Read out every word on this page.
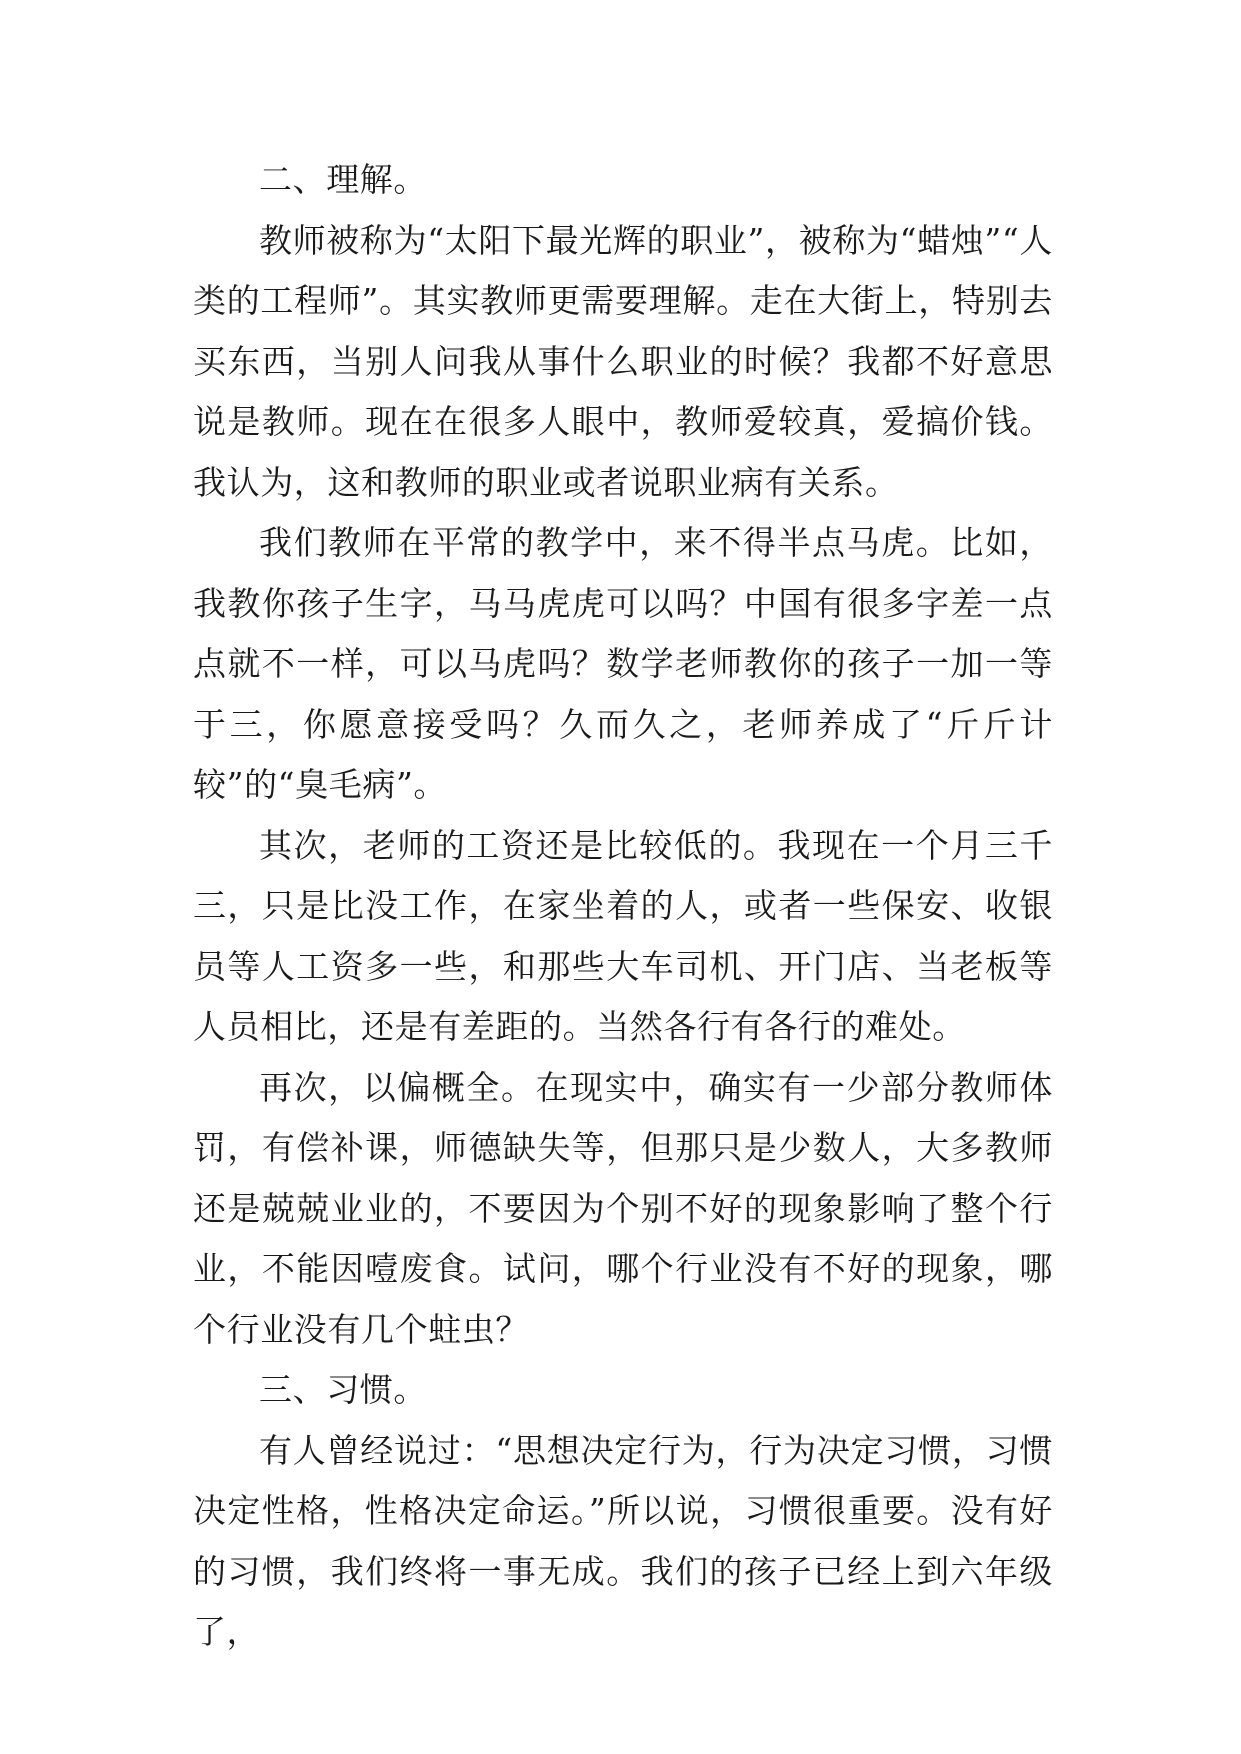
二、理解。

教师被称为“太阳下最光辉的职业”，被称为“蜡烛”“人类的工程师”。其实教师更需要理解。走在大街上，特别去买东西，当别人问我从事什么职业的时候？我都不好意思说是教师。现在在很多人眼中，教师爱较真，爱搞价钱。我认为，这和教师的职业或者说职业病有关系。

我们教师在平常的教学中，来不得半点马虎。比如，我教你孩子生字，马马虎虎可以吗？中国有很多字差一点点就不一样，可以马虎吗？数学老师教你的孩子一加一等于三，你愿意接受吗？久而久之，老师养成了“斤斤计较”的“臭毛病”。

其次，老师的工资还是比较低的。我现在一个月三千三，只是比没工作，在家坐着的人，或者一些保安、收银员等人工资多一些，和那些大车司机、开门店、当老板等人员相比，还是有差距的。当然各行有各行的难处。

再次，以偏概全。在现实中，确实有一少部分教师体罚，有偿补课，师德缺失等，但那只是少数人，大多教师还是兢兢业业的，不要因为个别不好的现象影响了整个行业，不能因噎废食。试问，哪个行业没有不好的现象，哪个行业没有几个蛀虫？

三、习惯。

有人曾经说过：“思想决定行为，行为决定习惯，习惯决定性格，性格决定命运。”所以说，习惯很重要。没有好的习惯，我们终将一事无成。我们的孩子已经上到六年级了，
